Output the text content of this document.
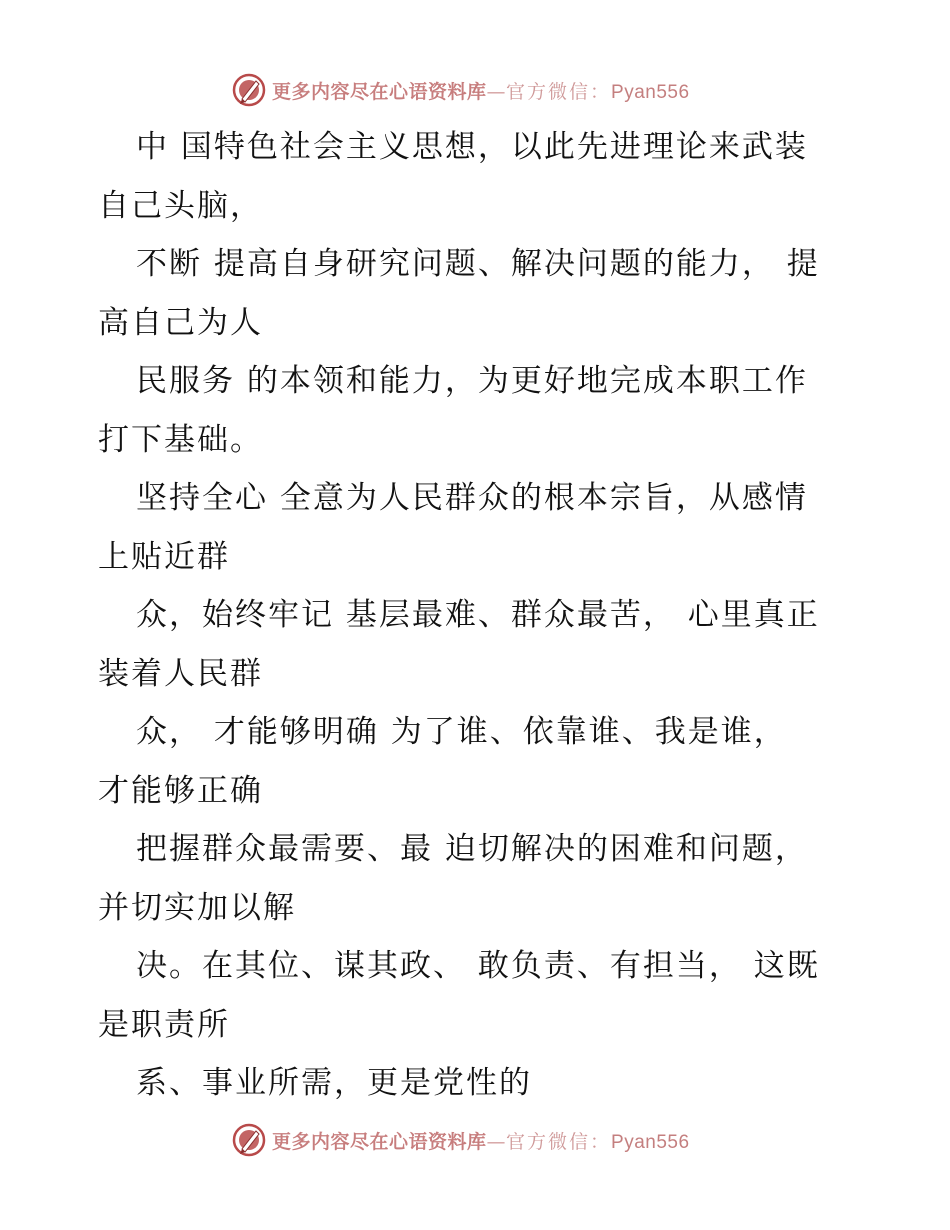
更多内容尽在心语资料库—官方微信：Pyan556
中 国特色社会主义思想，以此先进理论来武装
自己头脑，
不断 提高自身研究问题、解决问题的能力， 提
高自己为人
民服务 的本领和能力，为更好地完成本职工作
打下基础。
坚持全心 全意为人民群众的根本宗旨，从感情
上贴近群
众，始终牢记 基层最难、群众最苦， 心里真正
装着人民群
众， 才能够明确 为了谁、依靠谁、我是谁，
才能够正确
把握群众最需要、最 迫切解决的困难和问题，
并切实加以解
决。在其位、谋其政、 敢负责、有担当， 这既
是职责所
系、事业所需，更是党性的
更多内容尽在心语资料库—官方微信：Pyan556
